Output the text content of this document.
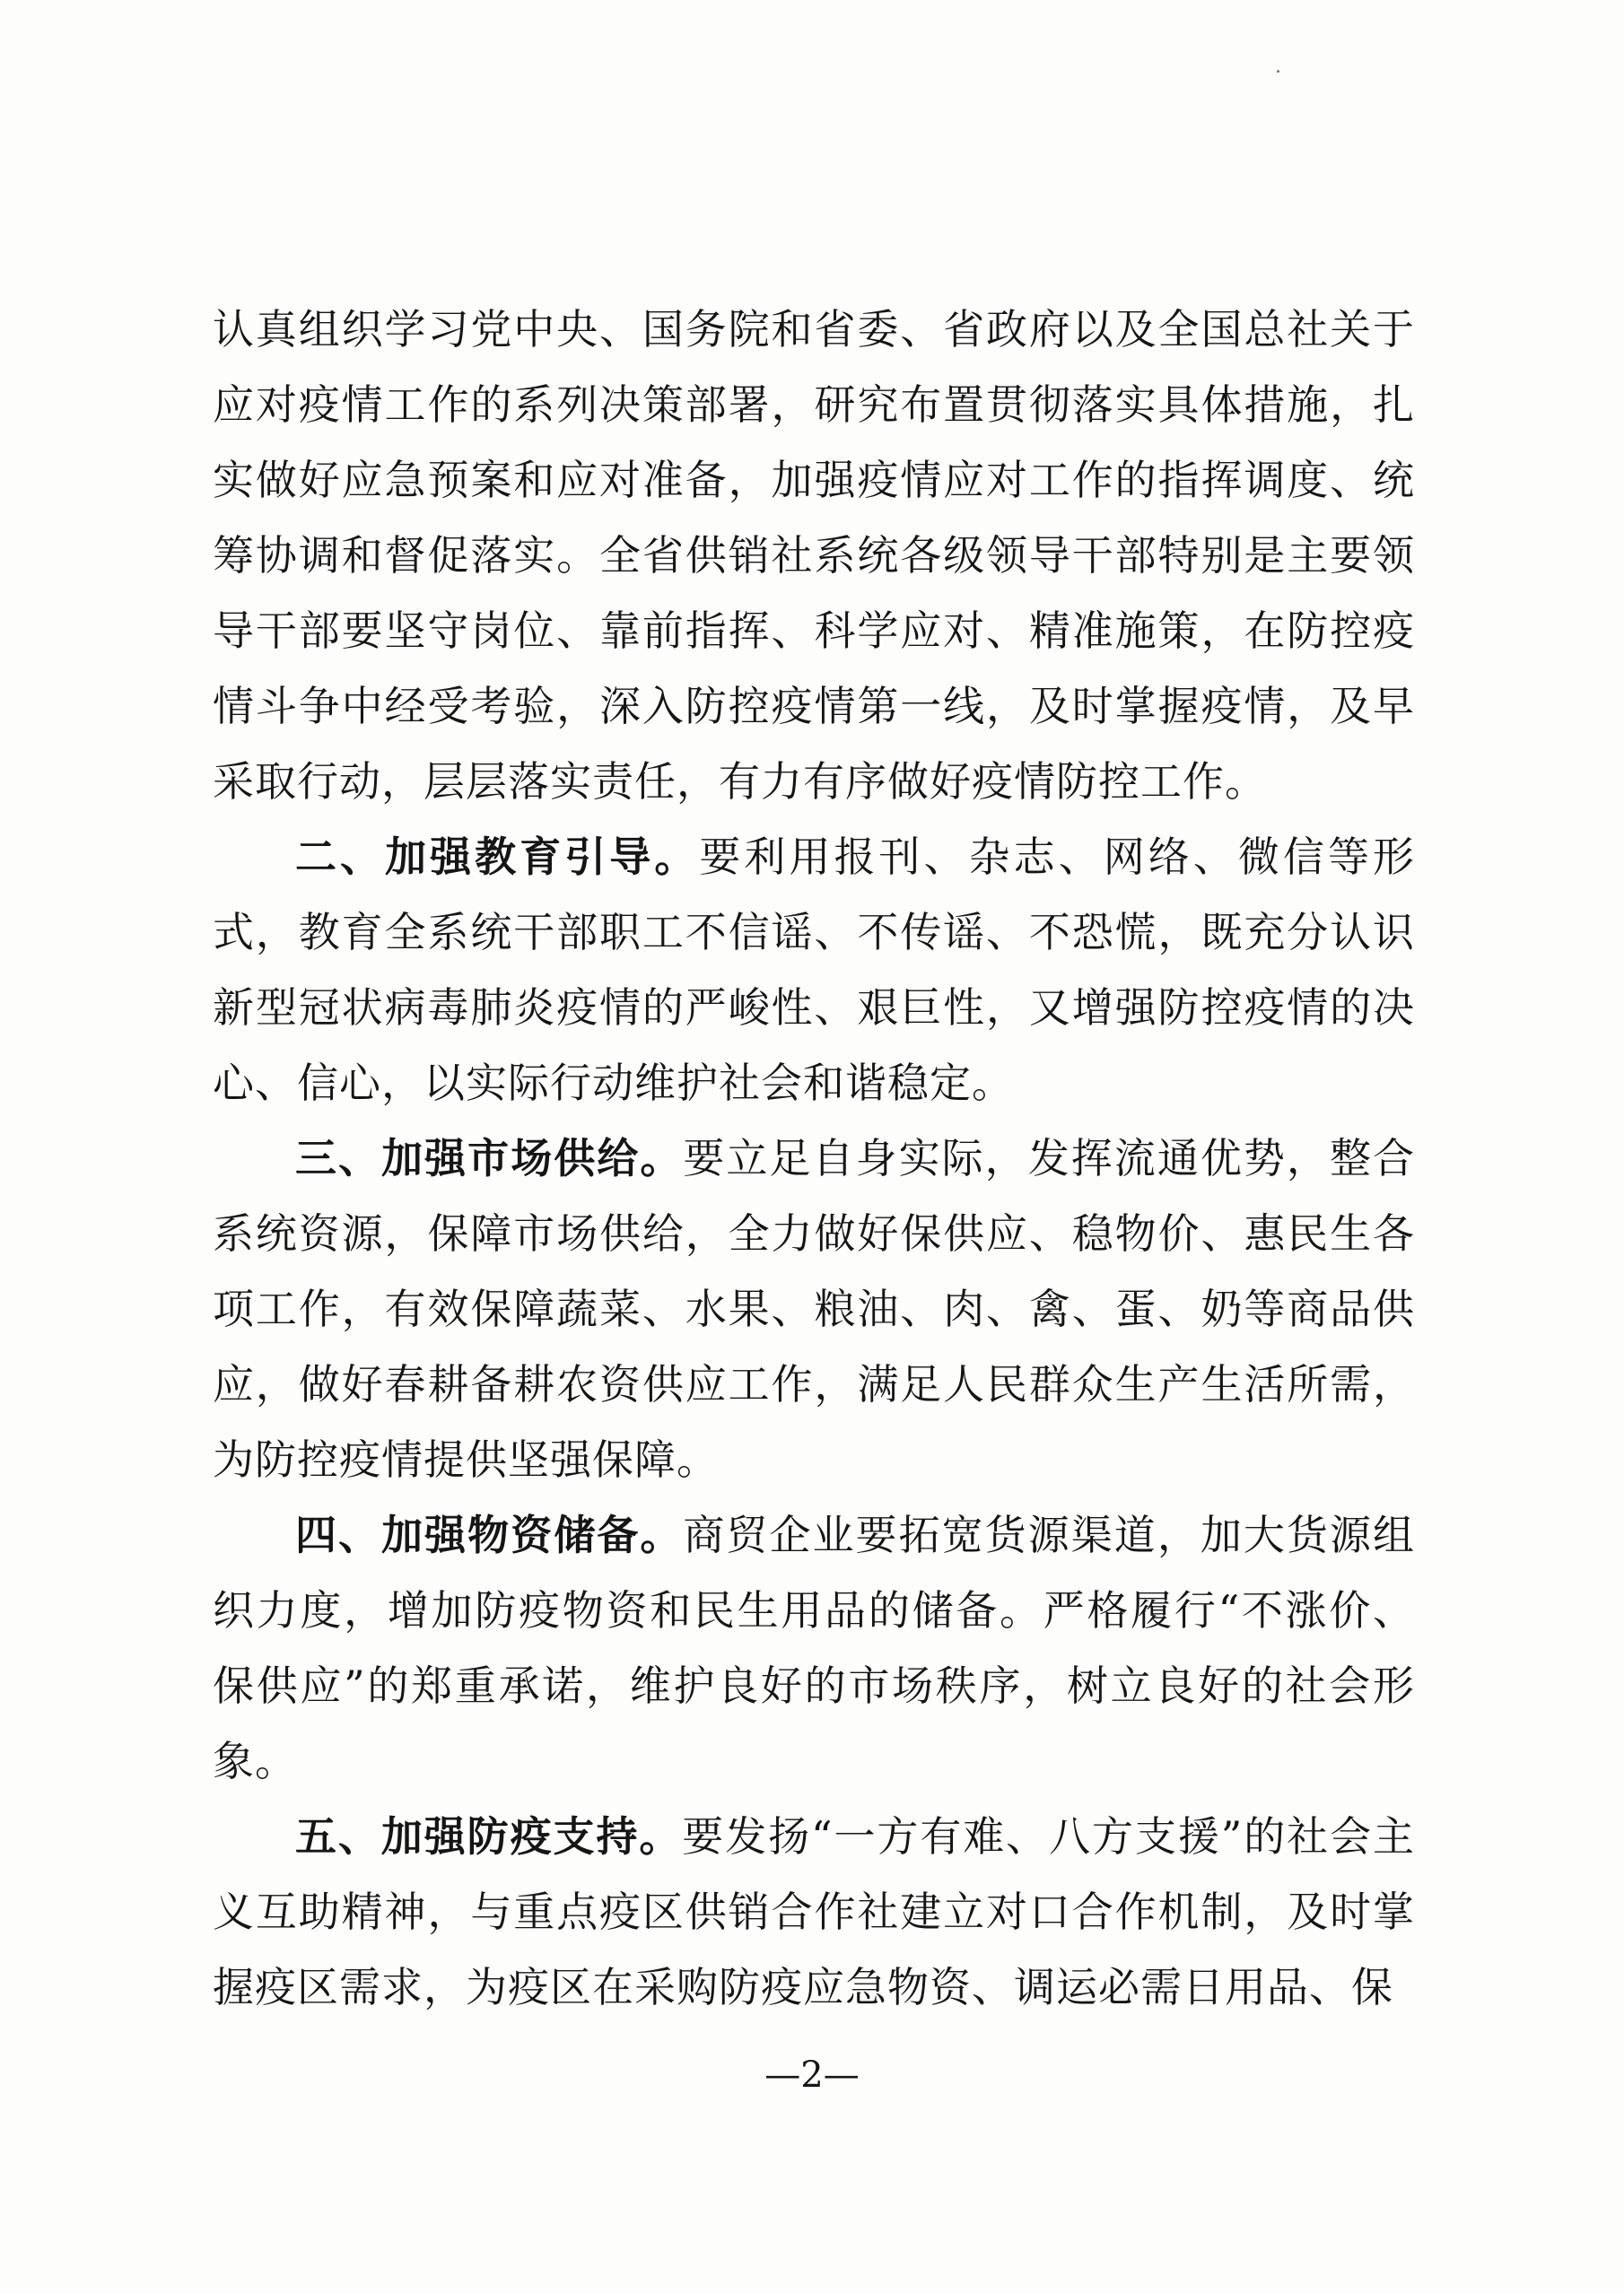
认真组织学习党中央、国务院和省委、省政府以及全国总社关于应对疫情工作的系列决策部署，研究布置贯彻落实具体措施，扎实做好应急预案和应对准备，加强疫情应对工作的指挥调度、统筹协调和督促落实。全省供销社系统各级领导干部特别是主要领导干部要坚守岗位、靠前指挥、科学应对、精准施策，在防控疫情斗争中经受考验，深入防控疫情第一线，及时掌握疫情，及早采取行动，层层落实责任，有力有序做好疫情防控工作。

二、加强教育引导。要利用报刊、杂志、网络、微信等形式，教育全系统干部职工不信谣、不传谣、不恐慌，既充分认识新型冠状病毒肺炎疫情的严峻性、艰巨性，又增强防控疫情的决心、信心，以实际行动维护社会和谐稳定。

三、加强市场供给。要立足自身实际，发挥流通优势，整合系统资源，保障市场供给，全力做好保供应、稳物价、惠民生各项工作，有效保障蔬菜、水果、粮油、肉、禽、蛋、奶等商品供应，做好春耕备耕农资供应工作，满足人民群众生产生活所需，为防控疫情提供坚强保障。

四、加强物资储备。商贸企业要拓宽货源渠道，加大货源组织力度，增加防疫物资和民生用品的储备。严格履行“不涨价、保供应”的郑重承诺，维护良好的市场秩序，树立良好的社会形象。

五、加强防疫支持。要发扬“一方有难、八方支援”的社会主义互助精神，与重点疫区供销合作社建立对口合作机制，及时掌握疫区需求，为疫区在采购防疫应急物资、调运必需日用品、保

—2—
